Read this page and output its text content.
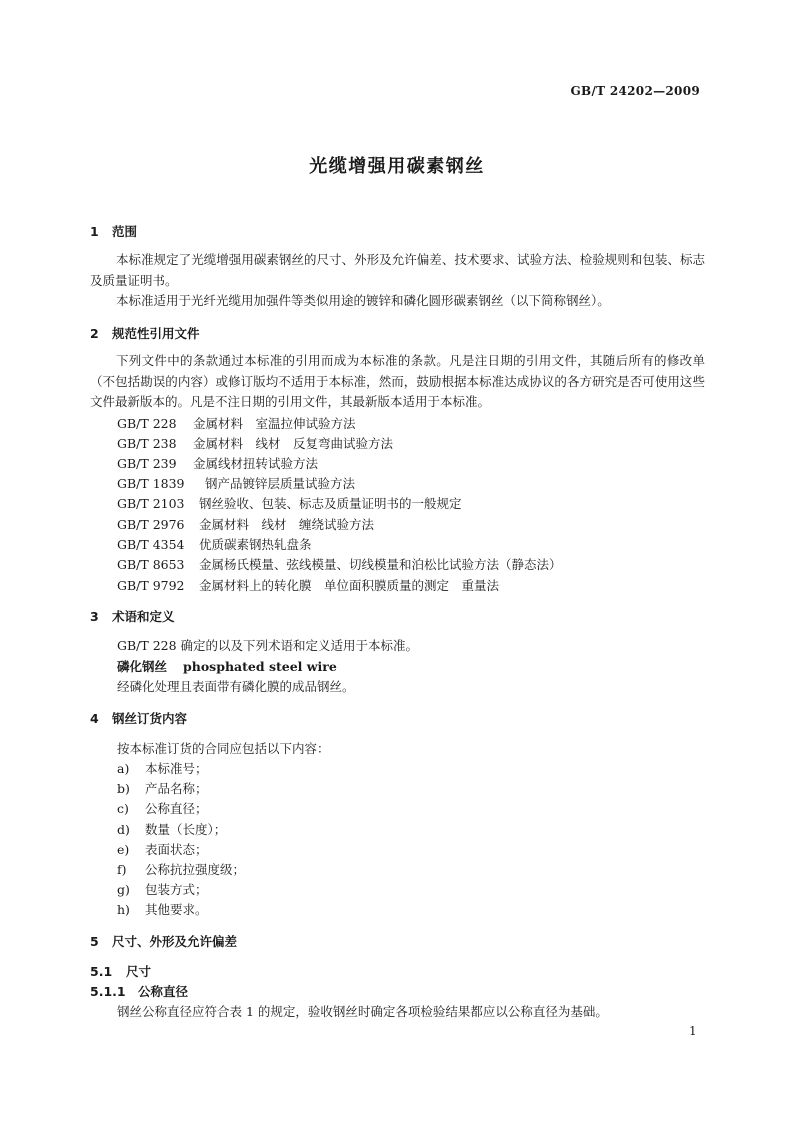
GB/T 24202—2009
光缆增强用碳素钢丝
1 范围
本标准规定了光缆增强用碳素钢丝的尺寸、外形及允许偏差、技术要求、试验方法、检验规则和包装、标志及质量证明书。
本标准适用于光纤光缆用加强件等类似用途的镀锌和磷化圆形碳素钢丝（以下简称钢丝）。
2 规范性引用文件
下列文件中的条款通过本标准的引用而成为本标准的条款。凡是注日期的引用文件，其随后所有的修改单（不包括勘误的内容）或修订版均不适用于本标准，然而，鼓励根据本标准达成协议的各方研究是否可使用这些文件最新版本的。凡是不注日期的引用文件，其最新版本适用于本标准。
GB/T 228 金属材料　室温拉伸试验方法
GB/T 238 金属材料　线材　反复弯曲试验方法
GB/T 239 金属线材扭转试验方法
GB/T 1839 钢产品镀锌层质量试验方法
GB/T 2103 钢丝验收、包装、标志及质量证明书的一般规定
GB/T 2976 金属材料　线材　缠绕试验方法
GB/T 4354 优质碳素钢热轧盘条
GB/T 8653 金属杨氏模量、弦线模量、切线模量和泊松比试验方法（静态法）
GB/T 9792 金属材料上的转化膜　单位面积膜质量的测定　重量法
3 术语和定义
GB/T 228 确定的以及下列术语和定义适用于本标准。
磷化钢丝 phosphated steel wire
经磷化处理且表面带有磷化膜的成品钢丝。
4 钢丝订货内容
按本标准订货的合同应包括以下内容：
a) 本标准号；
b) 产品名称；
c) 公称直径；
d) 数量（长度）；
e) 表面状态；
f) 公称抗拉强度级；
g) 包装方式；
h) 其他要求。
5 尺寸、外形及允许偏差
5.1 尺寸
5.1.1 公称直径
钢丝公称直径应符合表 1 的规定，验收钢丝时确定各项检验结果都应以公称直径为基础。
1
